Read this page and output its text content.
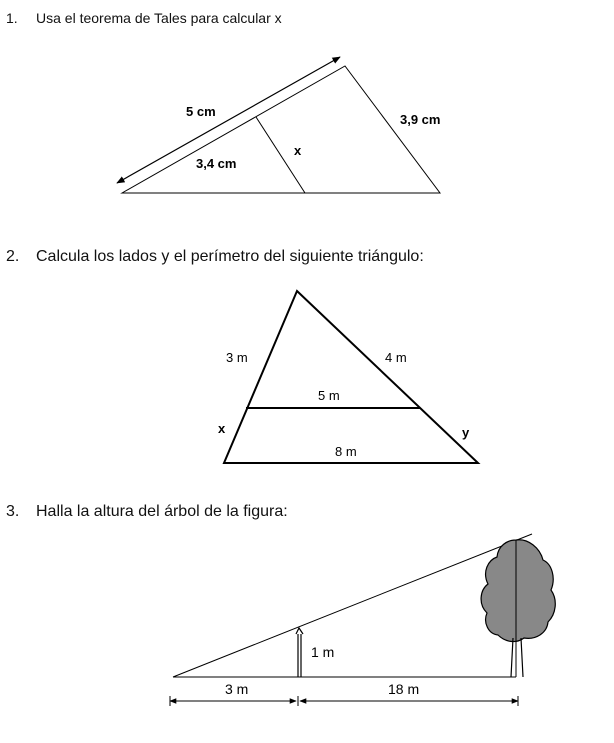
1. Usa el teorema de Tales para calcular x
2. Calcula los lados y el perímetro del siguiente triángulo:
3. Halla la altura del árbol de la figura:
5 cm
3,4 cm
3,9 cm
x
3 m	4 m
5 m
x	y
8 m
1 m
3 m	18 m
